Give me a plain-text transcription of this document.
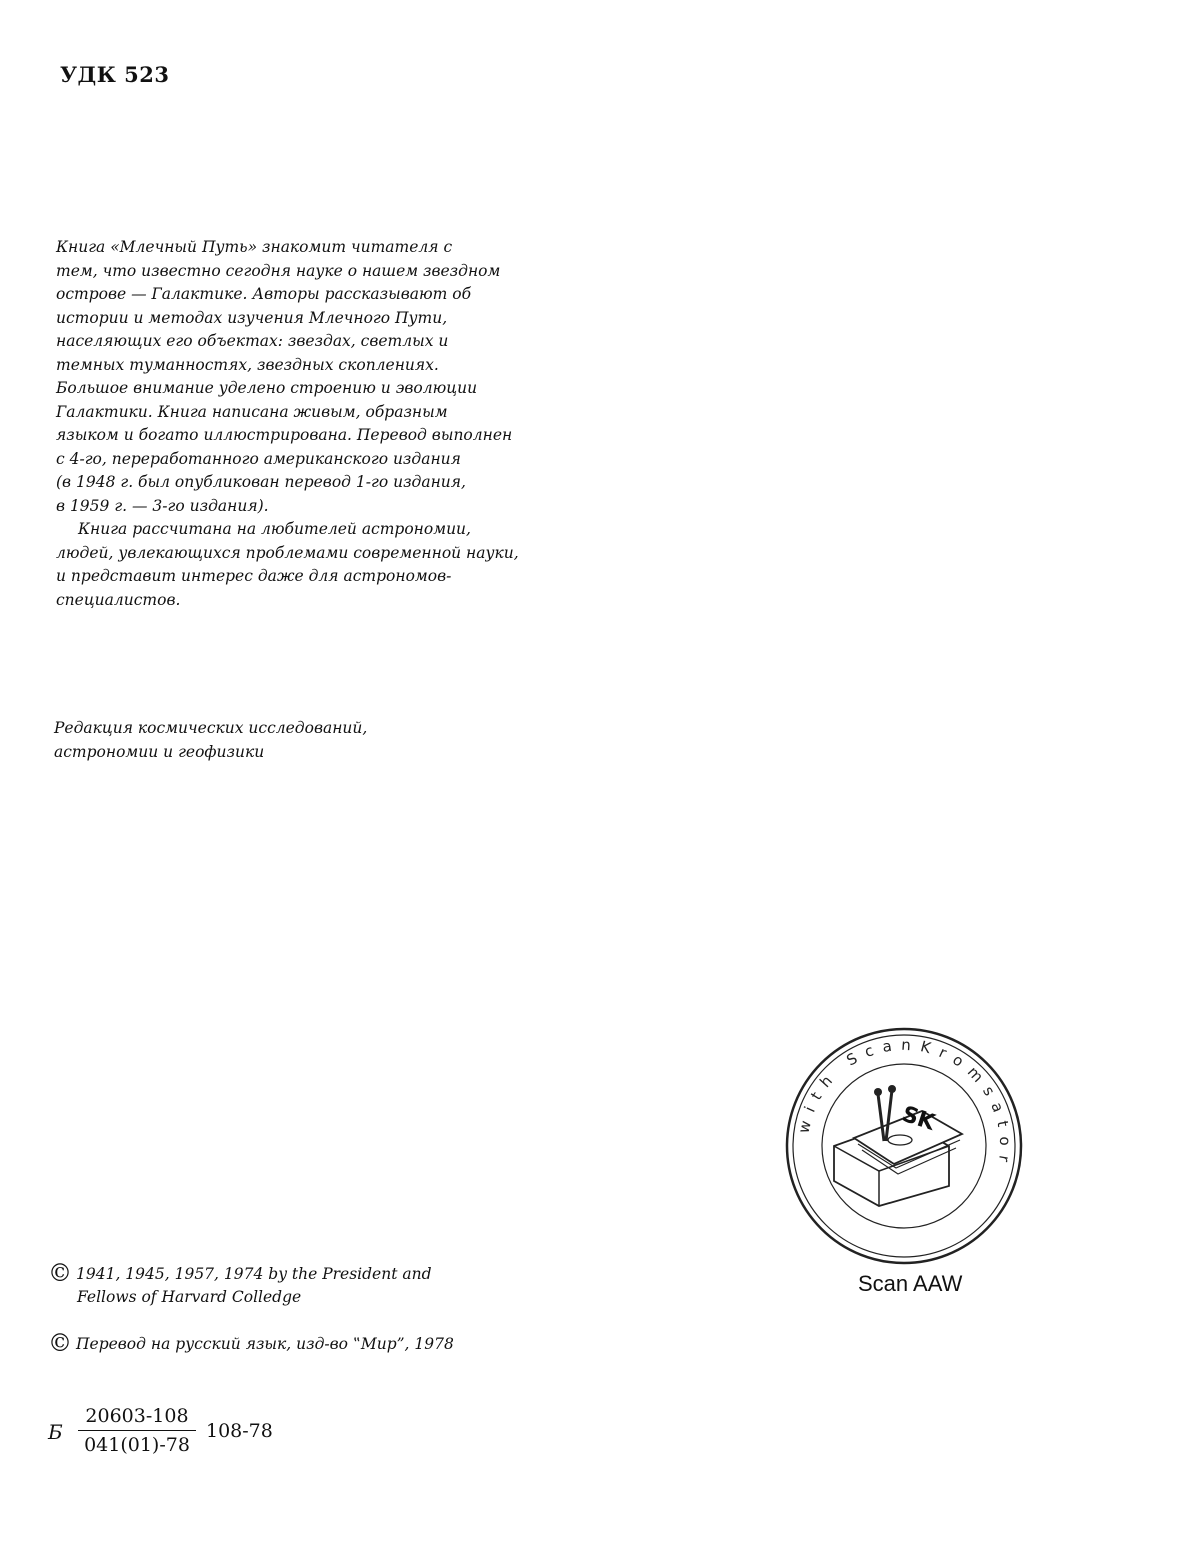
УДК 523

Книга «Млечный Путь» знакомит читателя с
тем, что известно сегодня науке о нашем звездном
острове — Галактике. Авторы рассказывают об
истории и методах изучения Млечного Пути,
населяющих его объектах: звездах, светлых и
темных туманностях, звездных скоплениях.
Большое внимание уделено строению и эволюции
Галактики. Книга написана живым, образным
языком и богато иллюстрирована. Перевод выполнен
с 4-го, переработанного американского издания
(в 1948 г. был опубликован перевод 1-го издания,
в 1959 г. — 3-го издания).

Книга рассчитана на любителей астрономии,
людей, увлекающихся проблемами современной науки,
и представит интерес даже для астрономов-
специалистов.

Редакция космических исследований,
астрономии и геофизики
with ScanKromsator
SK
Scan AAW
© 1941, 1945, 1957, 1974 by the President and
Fellows of Harvard Colledge
© Перевод на русский язык, изд-во ‟Мир”, 1978
Б
20603-108
041(01)-78
108-78
